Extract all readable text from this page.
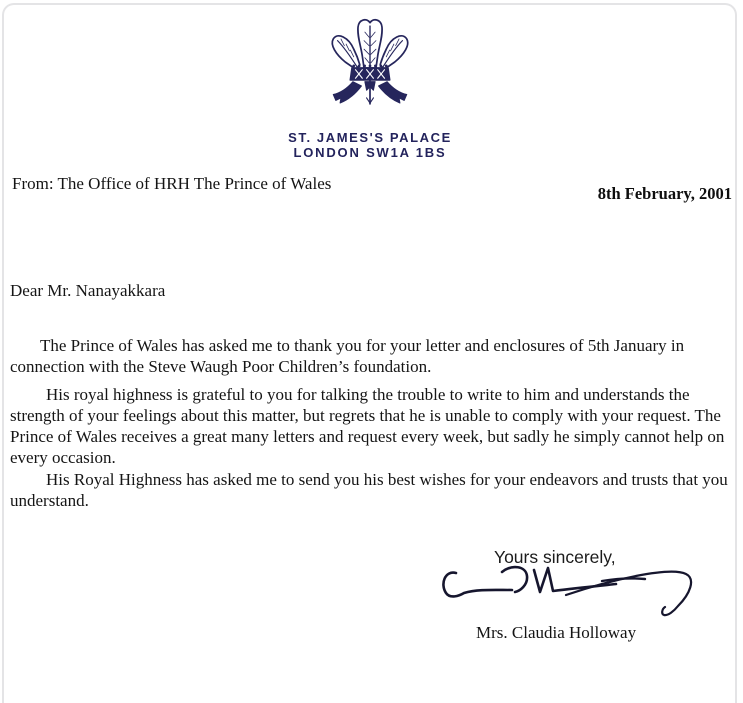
ST. JAMES'S PALACE
LONDON SW1A 1BS
From: The Office of HRH The Prince of Wales
8th February, 2001
Dear Mr. Nanayakkara

The Prince of Wales has asked me to thank you for your letter and enclosures of 5th January in connection with the Steve Waugh Poor Children’s foundation.

His royal highness is grateful to you for talking the trouble to write to him and understands the strength of your feelings about this matter, but regrets that he is unable to comply with your request. The Prince of Wales receives a great many letters and request every week, but sadly he simply cannot help on every occasion.

His Royal Highness has asked me to send you his best wishes for your endeavors and trusts that you understand.

Yours sincerely,
Mrs. Claudia Holloway
